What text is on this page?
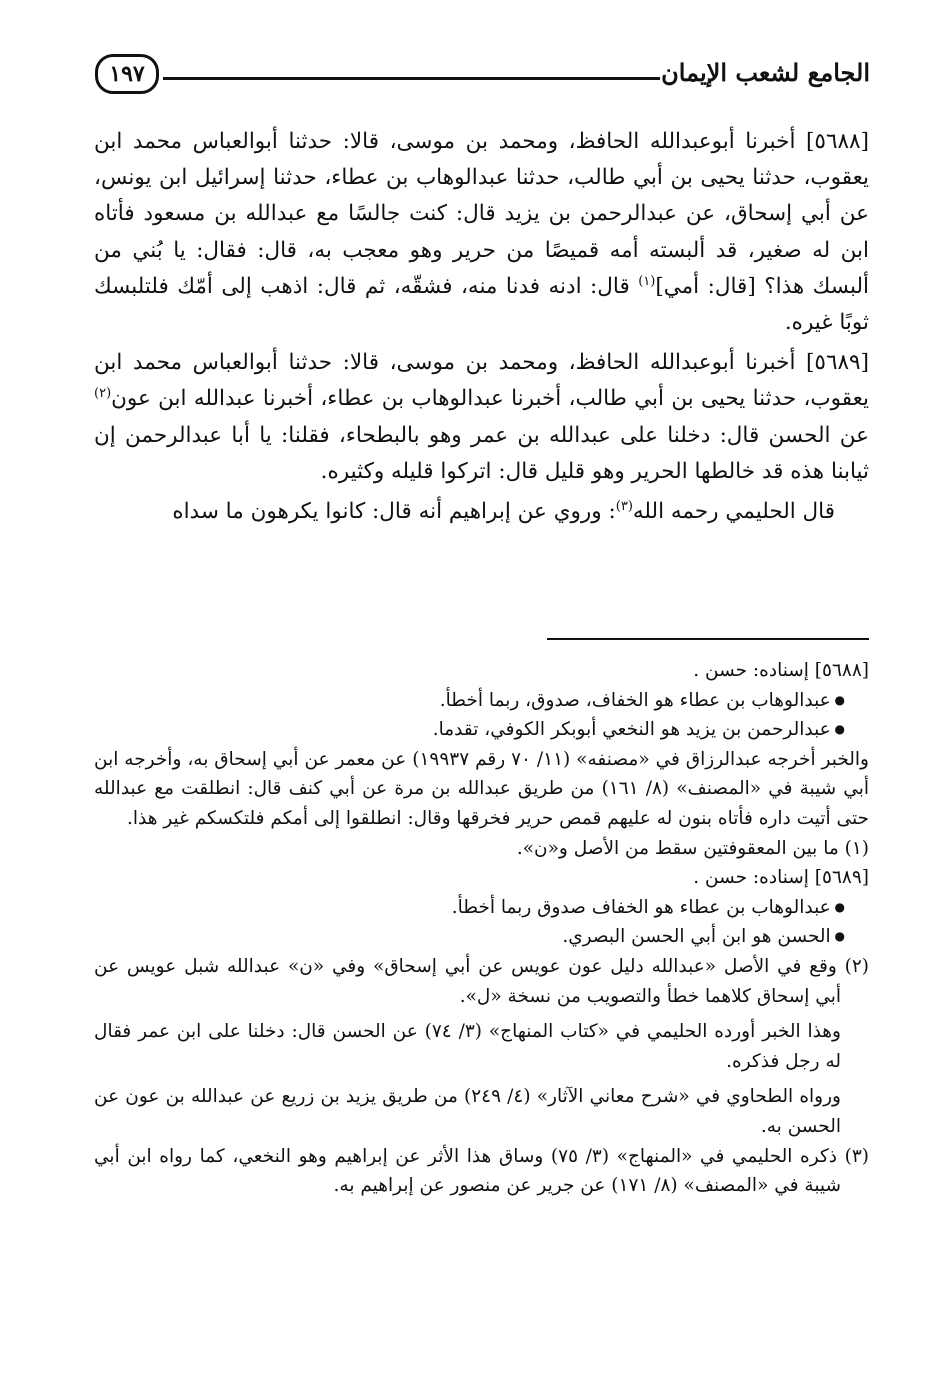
الجامع لشعب الإيمان
١٩٧

[٥٦٨٨] أخبرنا أبوعبدالله الحافظ، ومحمد بن موسى، قالا: حدثنا أبوالعباس محمد ابن يعقوب، حدثنا يحيى بن أبي طالب، حدثنا عبدالوهاب بن عطاء، حدثنا إسرائيل ابن يونس، عن أبي إسحاق، عن عبدالرحمن بن يزيد قال: كنت جالسًا مع عبدالله بن مسعود فأتاه ابن له صغير، قد ألبسته أمه قميصًا من حرير وهو معجب به، قال: فقال: يا بُني من ألبسك هذا؟ [قال: أمي]$^{(١)}$ قال: ادنه فدنا منه، فشقّه، ثم قال: اذهب إلى أمّك فلتلبسك ثوبًا غيره.

[٥٦٨٩] أخبرنا أبوعبدالله الحافظ، ومحمد بن موسى، قالا: حدثنا أبوالعباس محمد ابن يعقوب، حدثنا يحيى بن أبي طالب، أخبرنا عبدالوهاب بن عطاء، أخبرنا عبدالله ابن عون$^{(٢)}$ عن الحسن قال: دخلنا على عبدالله بن عمر وهو بالبطحاء، فقلنا: يا أبا عبدالرحمن إن ثيابنا هذه قد خالطها الحرير وهو قليل قال: اتركوا قليله وكثيره.

قال الحليمي رحمه الله$^{(٣)}$: وروي عن إبراهيم أنه قال: كانوا يكرهون ما سداه

[٥٦٨٨] إسناده: حسن .

● عبدالوهاب بن عطاء هو الخفاف، صدوق، ربما أخطأ.

● عبدالرحمن بن يزيد هو النخعي أبوبكر الكوفي، تقدما.

والخبر أخرجه عبدالرزاق في «مصنفه» (١١/ ٧٠ رقم ١٩٩٣٧) عن معمر عن أبي إسحاق به، وأخرجه ابن أبي شيبة في «المصنف» (٨/ ١٦١) من طريق عبدالله بن مرة عن أبي كنف قال: انطلقت مع عبدالله حتى أتيت داره فأتاه بنون له عليهم قمص حرير فخرقها وقال: انطلقوا إلى أمكم فلتكسكم غير هذا.

(١) ما بين المعقوفتين سقط من الأصل و«ن».

[٥٦٨٩] إسناده: حسن .

● عبدالوهاب بن عطاء هو الخفاف صدوق ربما أخطأ.

● الحسن هو ابن أبي الحسن البصري.

(٢) وقع في الأصل «عبدالله دليل عون عويس عن أبي إسحاق» وفي «ن» عبدالله شبل عويس عن أبي إسحاق كلاهما خطأ والتصويب من نسخة «ل».

وهذا الخبر أورده الحليمي في «كتاب المنهاج» (٣/ ٧٤) عن الحسن قال: دخلنا على ابن عمر فقال له رجل فذكره.

ورواه الطحاوي في «شرح معاني الآثار» (٤/ ٢٤٩) من طريق يزيد بن زريع عن عبدالله بن عون عن الحسن به.

(٣) ذكره الحليمي في «المنهاج» (٣/ ٧٥) وساق هذا الأثر عن إبراهيم وهو النخعي، كما رواه ابن أبي شيبة في «المصنف» (٨/ ١٧١) عن جرير عن منصور عن إبراهيم به.
